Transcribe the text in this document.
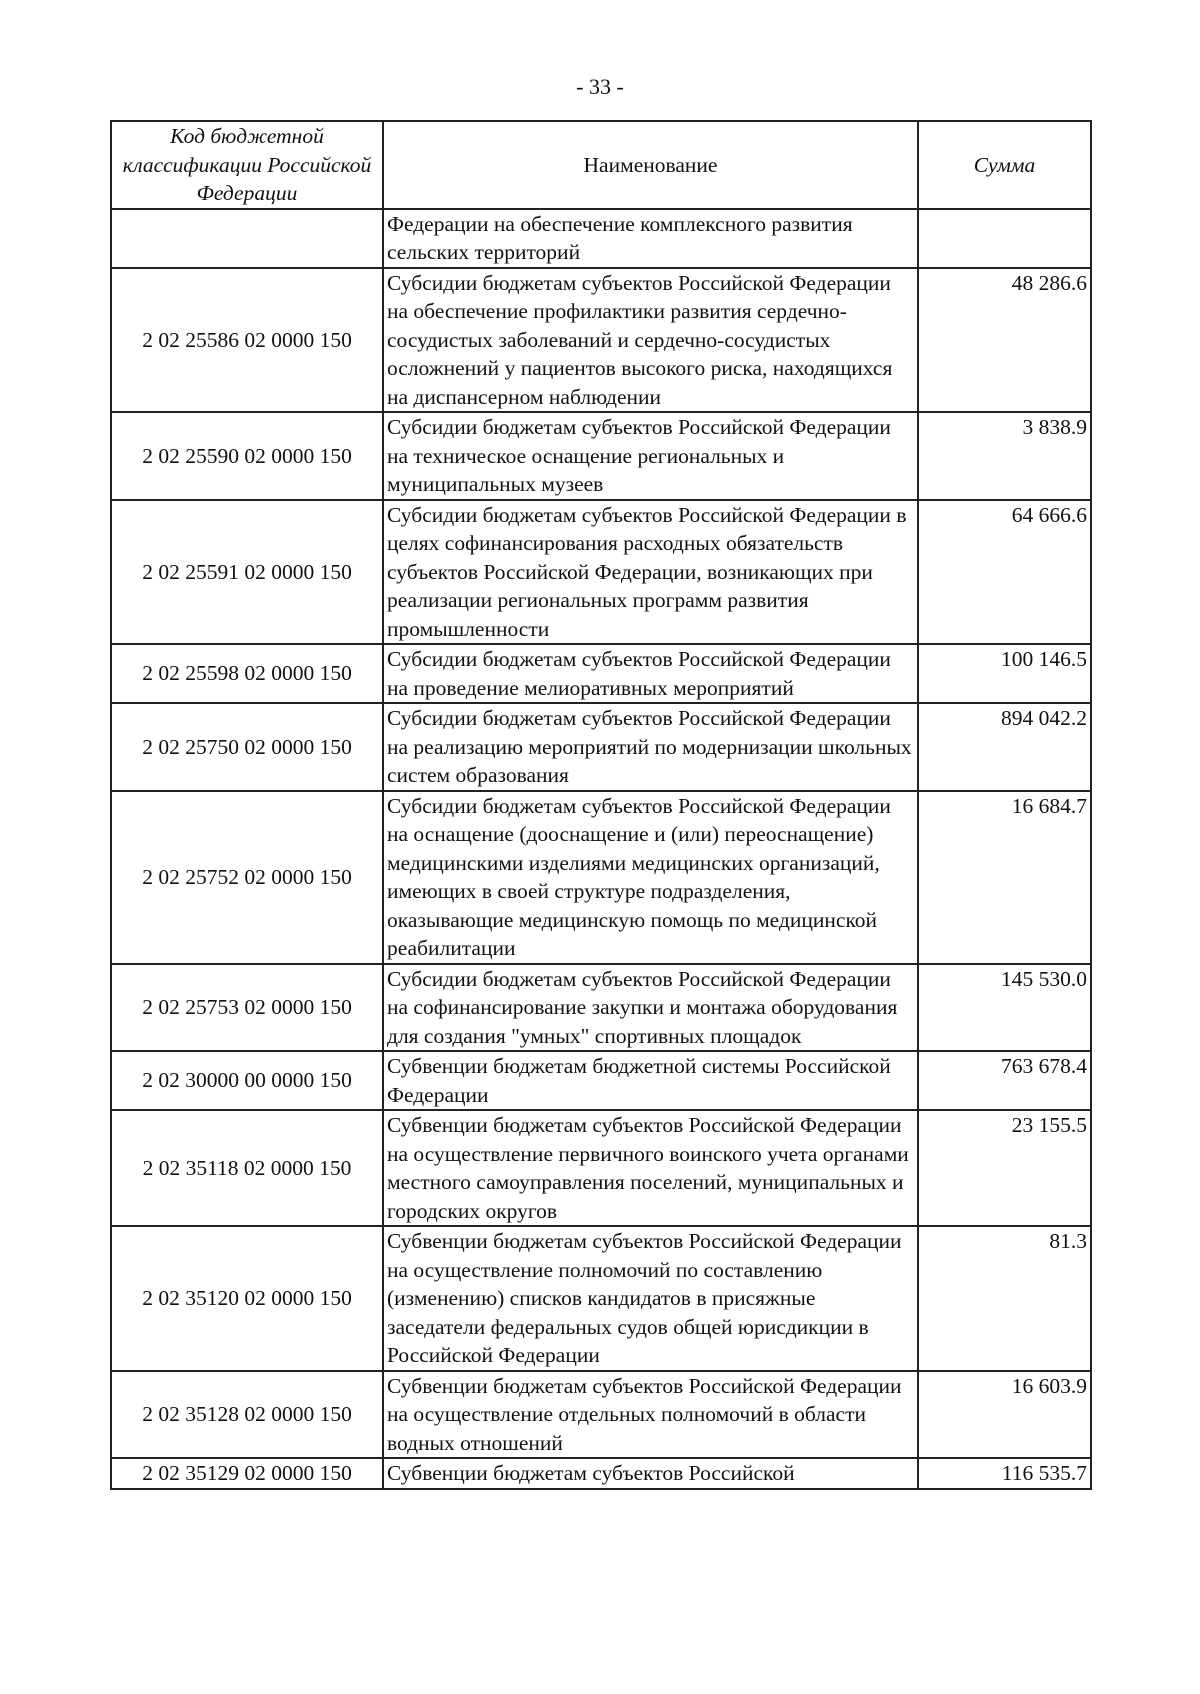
- 33 -
Код бюджетной классификации Российской Федерации	Наименование	Сумма
	Федерации на обеспечение комплексного развития сельских территорий	
2 02 25586 02 0000 150	Субсидии бюджетам субъектов Российской Федерации на обеспечение профилактики развития сердечно-сосудистых заболеваний и сердечно-сосудистых осложнений у пациентов высокого риска, находящихся на диспансерном наблюдении	48 286.6
2 02 25590 02 0000 150	Субсидии бюджетам субъектов Российской Федерации на техническое оснащение региональных и муниципальных музеев	3 838.9
2 02 25591 02 0000 150	Субсидии бюджетам субъектов Российской Федерации в целях софинансирования расходных обязательств субъектов Российской Федерации, возникающих при реализации региональных программ развития промышленности	64 666.6
2 02 25598 02 0000 150	Субсидии бюджетам субъектов Российской Федерации на проведение мелиоративных мероприятий	100 146.5
2 02 25750 02 0000 150	Субсидии бюджетам субъектов Российской Федерации на реализацию мероприятий по модернизации школьных систем образования	894 042.2
2 02 25752 02 0000 150	Субсидии бюджетам субъектов Российской Федерации на оснащение (дооснащение и (или) переоснащение) медицинскими изделиями медицинских организаций, имеющих в своей структуре подразделения, оказывающие медицинскую помощь по медицинской реабилитации	16 684.7
2 02 25753 02 0000 150	Субсидии бюджетам субъектов Российской Федерации на софинансирование закупки и монтажа оборудования для создания "умных" спортивных площадок	145 530.0
2 02 30000 00 0000 150	Субвенции бюджетам бюджетной системы Российской Федерации	763 678.4
2 02 35118 02 0000 150	Субвенции бюджетам субъектов Российской Федерации на осуществление первичного воинского учета органами местного самоуправления поселений, муниципальных и городских округов	23 155.5
2 02 35120 02 0000 150	Субвенции бюджетам субъектов Российской Федерации на осуществление полномочий по составлению (изменению) списков кандидатов в присяжные заседатели федеральных судов общей юрисдикции в Российской Федерации	81.3
2 02 35128 02 0000 150	Субвенции бюджетам субъектов Российской Федерации на осуществление отдельных полномочий в области водных отношений	16 603.9
2 02 35129 02 0000 150	Субвенции бюджетам субъектов Российской	116 535.7
